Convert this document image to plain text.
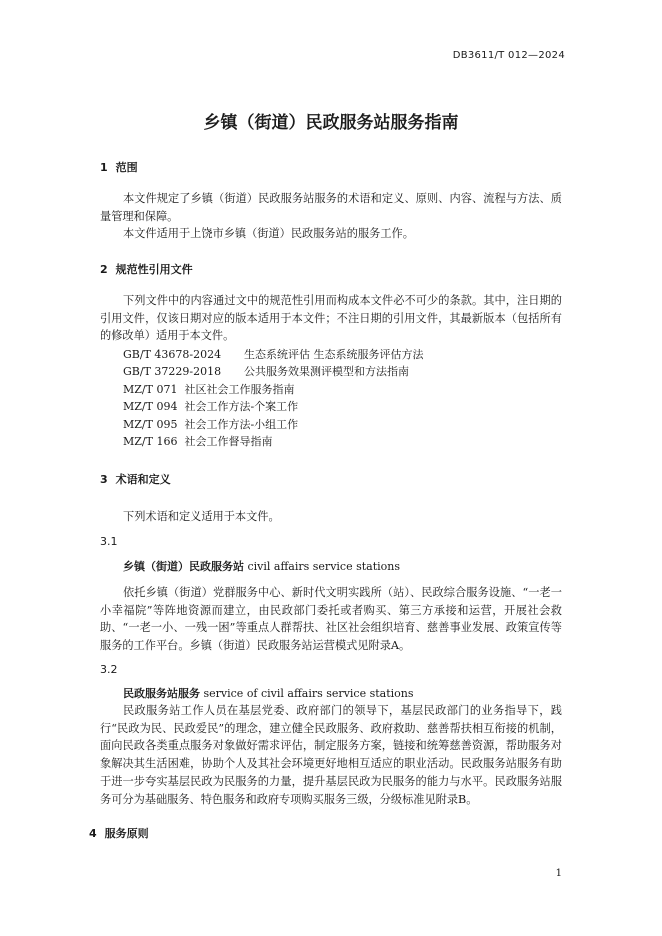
DB3611/T 012—2024
乡镇（街道）民政服务站服务指南
1 范围

本文件规定了乡镇（街道）民政服务站服务的术语和定义、原则、内容、流程与方法、质量管理和保障。

本文件适用于上饶市乡镇（街道）民政服务站的服务工作。

2 规范性引用文件

下列文件中的内容通过文中的规范性引用而构成本文件必不可少的条款。其中，注日期的引用文件，仅该日期对应的版本适用于本文件；不注日期的引用文件，其最新版本（包括所有的修改单）适用于本文件。

GB/T 43678-2024 生态系统评估 生态系统服务评估方法
GB/T 37229-2018 公共服务效果测评模型和方法指南
MZ/T 071 社区社会工作服务指南
MZ/T 094 社会工作方法-个案工作
MZ/T 095 社会工作方法-小组工作
MZ/T 166 社会工作督导指南
3 术语和定义

下列术语和定义适用于本文件。

3.1
乡镇（街道）民政服务站 civil affairs service stations

依托乡镇（街道）党群服务中心、新时代文明实践所（站）、民政综合服务设施、“一老一小幸福院”等阵地资源而建立，由民政部门委托或者购买、第三方承接和运营，开展社会救助、“一老一小、一残一困”等重点人群帮扶、社区社会组织培育、慈善事业发展、政策宣传等服务的工作平台。乡镇（街道）民政服务站运营模式见附录A。

3.2
民政服务站服务 service of civil affairs service stations

民政服务站工作人员在基层党委、政府部门的领导下，基层民政部门的业务指导下，践行“民政为民、民政爱民”的理念，建立健全民政服务、政府救助、慈善帮扶相互衔接的机制，面向民政各类重点服务对象做好需求评估，制定服务方案，链接和统筹慈善资源，帮助服务对象解决其生活困难，协助个人及其社会环境更好地相互适应的职业活动。民政服务站服务有助于进一步夸实基层民政为民服务的力量，提升基层民政为民服务的能力与水平。民政服务站服务可分为基础服务、特色服务和政府专项购买服务三级，分级标准见附录B。

4 服务原则
1
